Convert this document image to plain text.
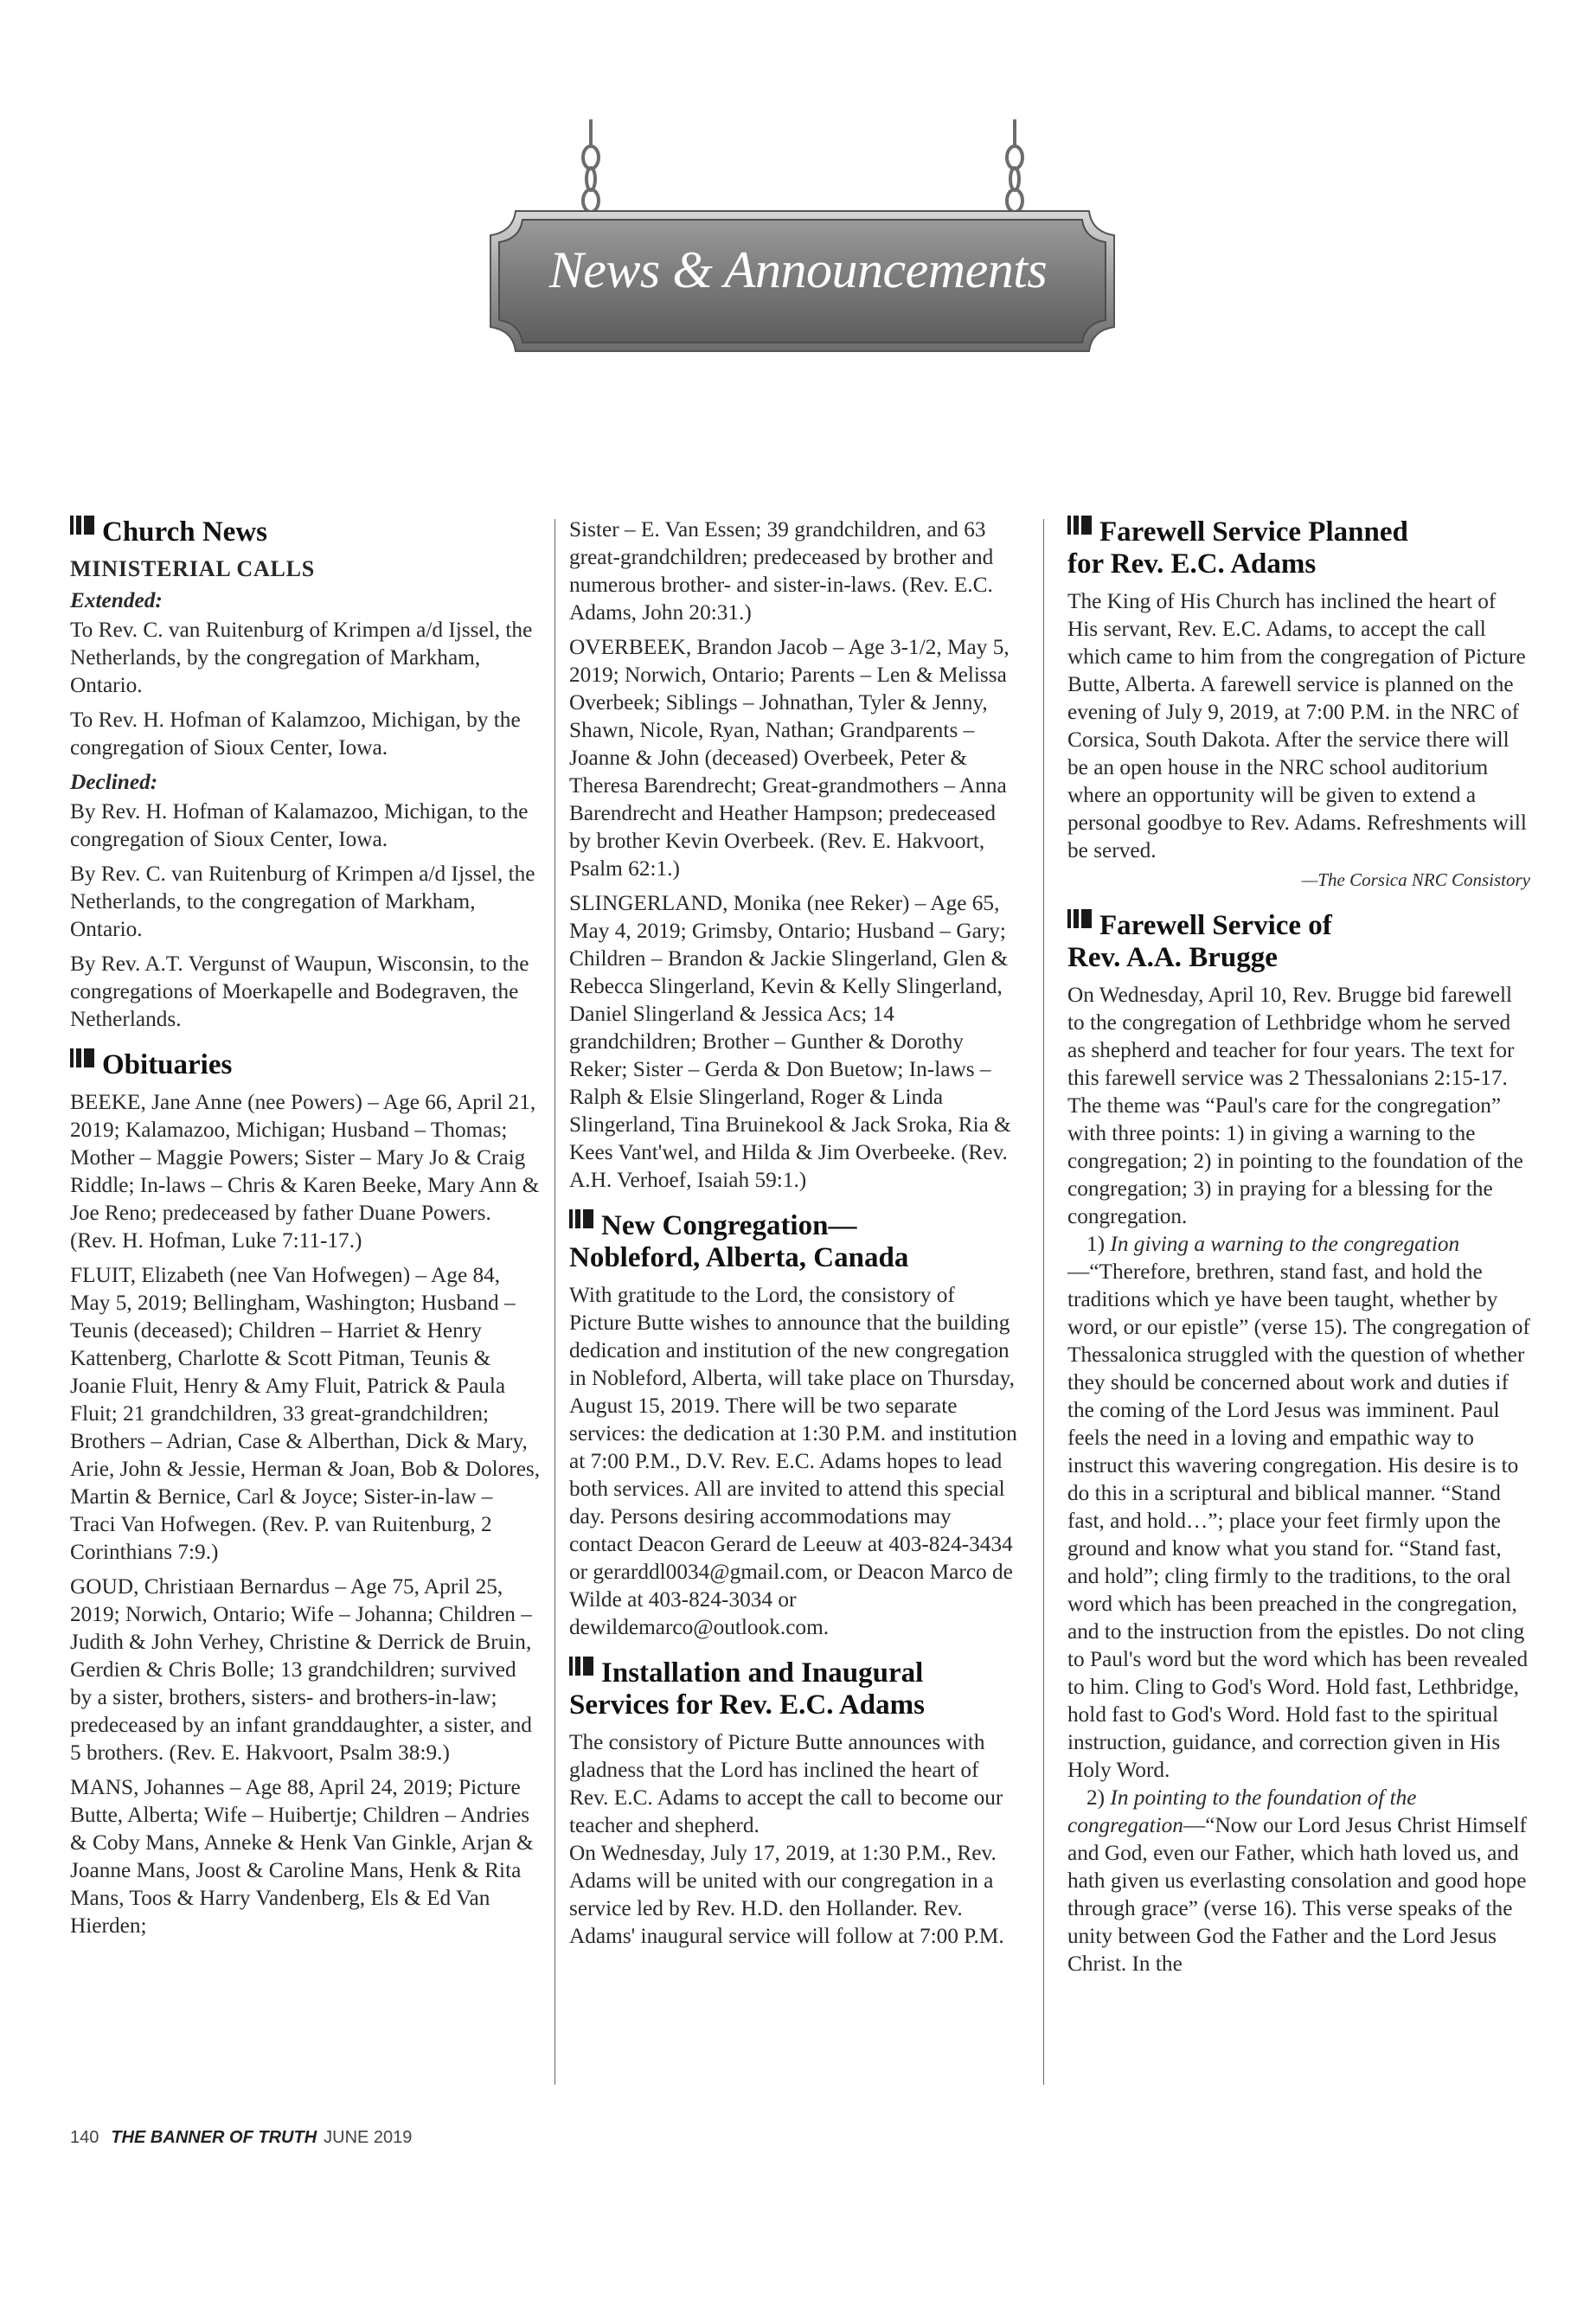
News & Announcements
Church News
MINISTERIAL CALLS
Extended:

To Rev. C. van Ruitenburg of Krimpen a/d Ijssel, the Netherlands, by the congregation of Markham, Ontario.

To Rev. H. Hofman of Kalamzoo, Michigan, by the congregation of Sioux Center, Iowa.

Declined:

By Rev. H. Hofman of Kalamazoo, Michigan, to the congregation of Sioux Center, Iowa.

By Rev. C. van Ruitenburg of Krimpen a/d Ijssel, the Netherlands, to the congregation of Markham, Ontario.

By Rev. A.T. Vergunst of Waupun, Wisconsin, to the congregations of Moerkapelle and Bodegraven, the Netherlands.

Obituaries

BEEKE, Jane Anne (nee Powers) – Age 66, April 21, 2019; Kalamazoo, Michigan; Husband – Thomas; Mother – Maggie Powers; Sister – Mary Jo & Craig Riddle; In-laws – Chris & Karen Beeke, Mary Ann & Joe Reno; predeceased by father Duane Powers. (Rev. H. Hofman, Luke 7:11-17.)

FLUIT, Elizabeth (nee Van Hofwegen) – Age 84, May 5, 2019; Bellingham, Washington; Husband – Teunis (deceased); Children – Harriet & Henry Kattenberg, Charlotte & Scott Pitman, Teunis & Joanie Fluit, Henry & Amy Fluit, Patrick & Paula Fluit; 21 grandchildren, 33 great-grandchildren; Brothers – Adrian, Case & Alberthan, Dick & Mary, Arie, John & Jessie, Herman & Joan, Bob & Dolores, Martin & Bernice, Carl & Joyce; Sister-in-law – Traci Van Hofwegen. (Rev. P. van Ruitenburg, 2 Corinthians 7:9.)

GOUD, Christiaan Bernardus – Age 75, April 25, 2019; Norwich, Ontario; Wife – Johanna; Children – Judith & John Verhey, Christine & Derrick de Bruin, Gerdien & Chris Bolle; 13 grandchildren; survived by a sister, brothers, sisters- and brothers-in-law; predeceased by an infant granddaughter, a sister, and 5 brothers. (Rev. E. Hakvoort, Psalm 38:9.)

MANS, Johannes – Age 88, April 24, 2019; Picture Butte, Alberta; Wife – Huibertje; Children – Andries & Coby Mans, Anneke & Henk Van Ginkle, Arjan & Joanne Mans, Joost & Caroline Mans, Henk & Rita Mans, Toos & Harry Vandenberg, Els & Ed Van Hierden;

Sister – E. Van Essen; 39 grandchildren, and 63 great-grandchildren; predeceased by brother and numerous brother- and sister-in-laws. (Rev. E.C. Adams, John 20:31.)

OVERBEEK, Brandon Jacob – Age 3-1/2, May 5, 2019; Norwich, Ontario; Parents – Len & Melissa Overbeek; Siblings – Johnathan, Tyler & Jenny, Shawn, Nicole, Ryan, Nathan; Grandparents – Joanne & John (deceased) Overbeek, Peter & Theresa Barendrecht; Great-grandmothers – Anna Barendrecht and Heather Hampson; predeceased by brother Kevin Overbeek. (Rev. E. Hakvoort, Psalm 62:1.)

SLINGERLAND, Monika (nee Reker) – Age 65, May 4, 2019; Grimsby, Ontario; Husband – Gary; Children – Brandon & Jackie Slingerland, Glen & Rebecca Slingerland, Kevin & Kelly Slingerland, Daniel Slingerland & Jessica Acs; 14 grandchildren; Brother – Gunther & Dorothy Reker; Sister – Gerda & Don Buetow; In-laws – Ralph & Elsie Slingerland, Roger & Linda Slingerland, Tina Bruinekool & Jack Sroka, Ria & Kees Vant'wel, and Hilda & Jim Overbeeke. (Rev. A.H. Verhoef, Isaiah 59:1.)

New Congregation—
Nobleford, Alberta, Canada

With gratitude to the Lord, the consistory of Picture Butte wishes to announce that the building dedication and institution of the new congregation in Nobleford, Alberta, will take place on Thursday, August 15, 2019. There will be two separate services: the dedication at 1:30 P.M. and institution at 7:00 P.M., D.V. Rev. E.C. Adams hopes to lead both services. All are invited to attend this special day. Persons desiring accommodations may contact Deacon Gerard de Leeuw at 403-824-3434 or gerarddl0034@gmail.com, or Deacon Marco de Wilde at 403-824-3034 or dewildemarco@outlook.com.

Installation and Inaugural
Services for Rev. E.C. Adams

The consistory of Picture Butte announces with gladness that the Lord has inclined the heart of Rev. E.C. Adams to accept the call to become our teacher and shepherd.

On Wednesday, July 17, 2019, at 1:30 P.M., Rev. Adams will be united with our congregation in a service led by Rev. H.D. den Hollander. Rev. Adams' inaugural service will follow at 7:00 P.M.

Farewell Service Planned
for Rev. E.C. Adams

The King of His Church has inclined the heart of His servant, Rev. E.C. Adams, to accept the call which came to him from the congregation of Picture Butte, Alberta. A farewell service is planned on the evening of July 9, 2019, at 7:00 P.M. in the NRC of Corsica, South Dakota. After the service there will be an open house in the NRC school auditorium where an opportunity will be given to extend a personal goodbye to Rev. Adams. Refreshments will be served.

—The Corsica NRC Consistory

Farewell Service of
Rev. A.A. Brugge

On Wednesday, April 10, Rev. Brugge bid farewell to the congregation of Lethbridge whom he served as shepherd and teacher for four years. The text for this farewell service was 2 Thessalonians 2:15-17. The theme was “Paul's care for the congregation” with three points: 1) in giving a warning to the congregation; 2) in pointing to the foundation of the congregation; 3) in praying for a blessing for the congregation.

1) In giving a warning to the congregation—“Therefore, brethren, stand fast, and hold the traditions which ye have been taught, whether by word, or our epistle” (verse 15). The congregation of Thessalonica struggled with the question of whether they should be concerned about work and duties if the coming of the Lord Jesus was imminent. Paul feels the need in a loving and empathic way to instruct this wavering congregation. His desire is to do this in a scriptural and biblical manner. “Stand fast, and hold…”; place your feet firmly upon the ground and know what you stand for. “Stand fast, and hold”; cling firmly to the traditions, to the oral word which has been preached in the congregation, and to the instruction from the epistles. Do not cling to Paul's word but the word which has been revealed to him. Cling to God's Word. Hold fast, Lethbridge, hold fast to God's Word. Hold fast to the spiritual instruction, guidance, and correction given in His Holy Word.

2) In pointing to the foundation of the congregation—“Now our Lord Jesus Christ Himself and God, even our Father, which hath loved us, and hath given us everlasting consolation and good hope through grace” (verse 16). This verse speaks of the unity between God the Father and the Lord Jesus Christ. In the

140 THE BANNER OF TRUTH JUNE 2019
